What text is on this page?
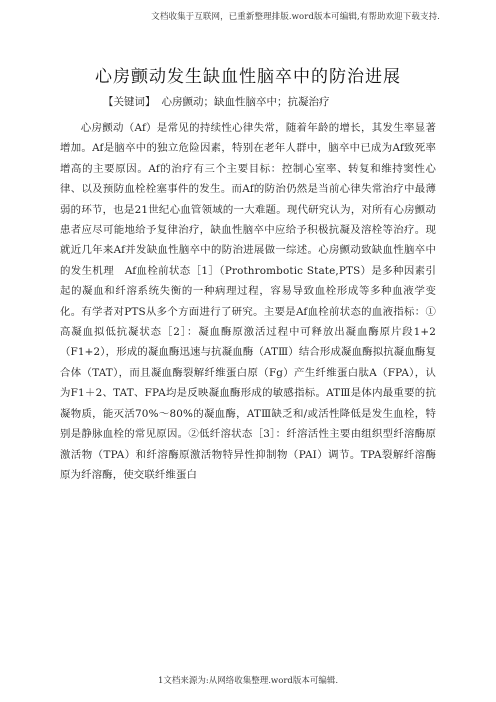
文档收集于互联网，已重新整理排版.word版本可编辑,有帮助欢迎下载支持.
心房颤动发生缺血性脑卒中的防治进展
【关键词】 心房颤动；缺血性脑卒中；抗凝治疗

心房颤动（Af）是常见的持续性心律失常，随着年龄的增长，其发生率显著增加。Af是脑卒中的独立危险因素，特别在老年人群中，脑卒中已成为Af致死率增高的主要原因。Af的治疗有三个主要目标：控制心室率、转复和维持窦性心律、以及预防血栓栓塞事件的发生。而Af的防治仍然是当前心律失常治疗中最薄弱的环节，也是21世纪心血管领域的一大难题。现代研究认为，对所有心房颤动患者应尽可能地给予复律治疗，缺血性脑卒中应给予积极抗凝及溶栓等治疗。现就近几年来Af并发缺血性脑卒中的防治进展做一综述。心房颤动致缺血性脑卒中的发生机理　Af血栓前状态［1］（Prothrombotic State,PTS）是多种因素引起的凝血和纤溶系统失衡的一种病理过程，容易导致血栓形成等多种血液学变化。有学者对PTS从多个方面进行了研究。主要是Af血栓前状态的血液指标：①高凝血拟低抗凝状态［2］：凝血酶原激活过程中可释放出凝血酶原片段1+2（F1+2），形成的凝血酶迅速与抗凝血酶（ATⅢ）结合形成凝血酶拟抗凝血酶复合体（TAT），而且凝血酶裂解纤维蛋白原（Fg）产生纤维蛋白肽A（FPA），认为F1＋2、TAT、FPA均是反映凝血酶形成的敏感指标。ATⅢ是体内最重要的抗凝物质，能灭活70%～80%的凝血酶，ATⅢ缺乏和/或活性降低是发生血栓，特别是静脉血栓的常见原因。②低纤溶状态［3］：纤溶活性主要由组织型纤溶酶原激活物（TPA）和纤溶酶原激活物特异性抑制物（PAI）调节。TPA裂解纤溶酶原为纤溶酶，使交联纤维蛋白

1文档来源为:从网络收集整理.word版本可编辑.
